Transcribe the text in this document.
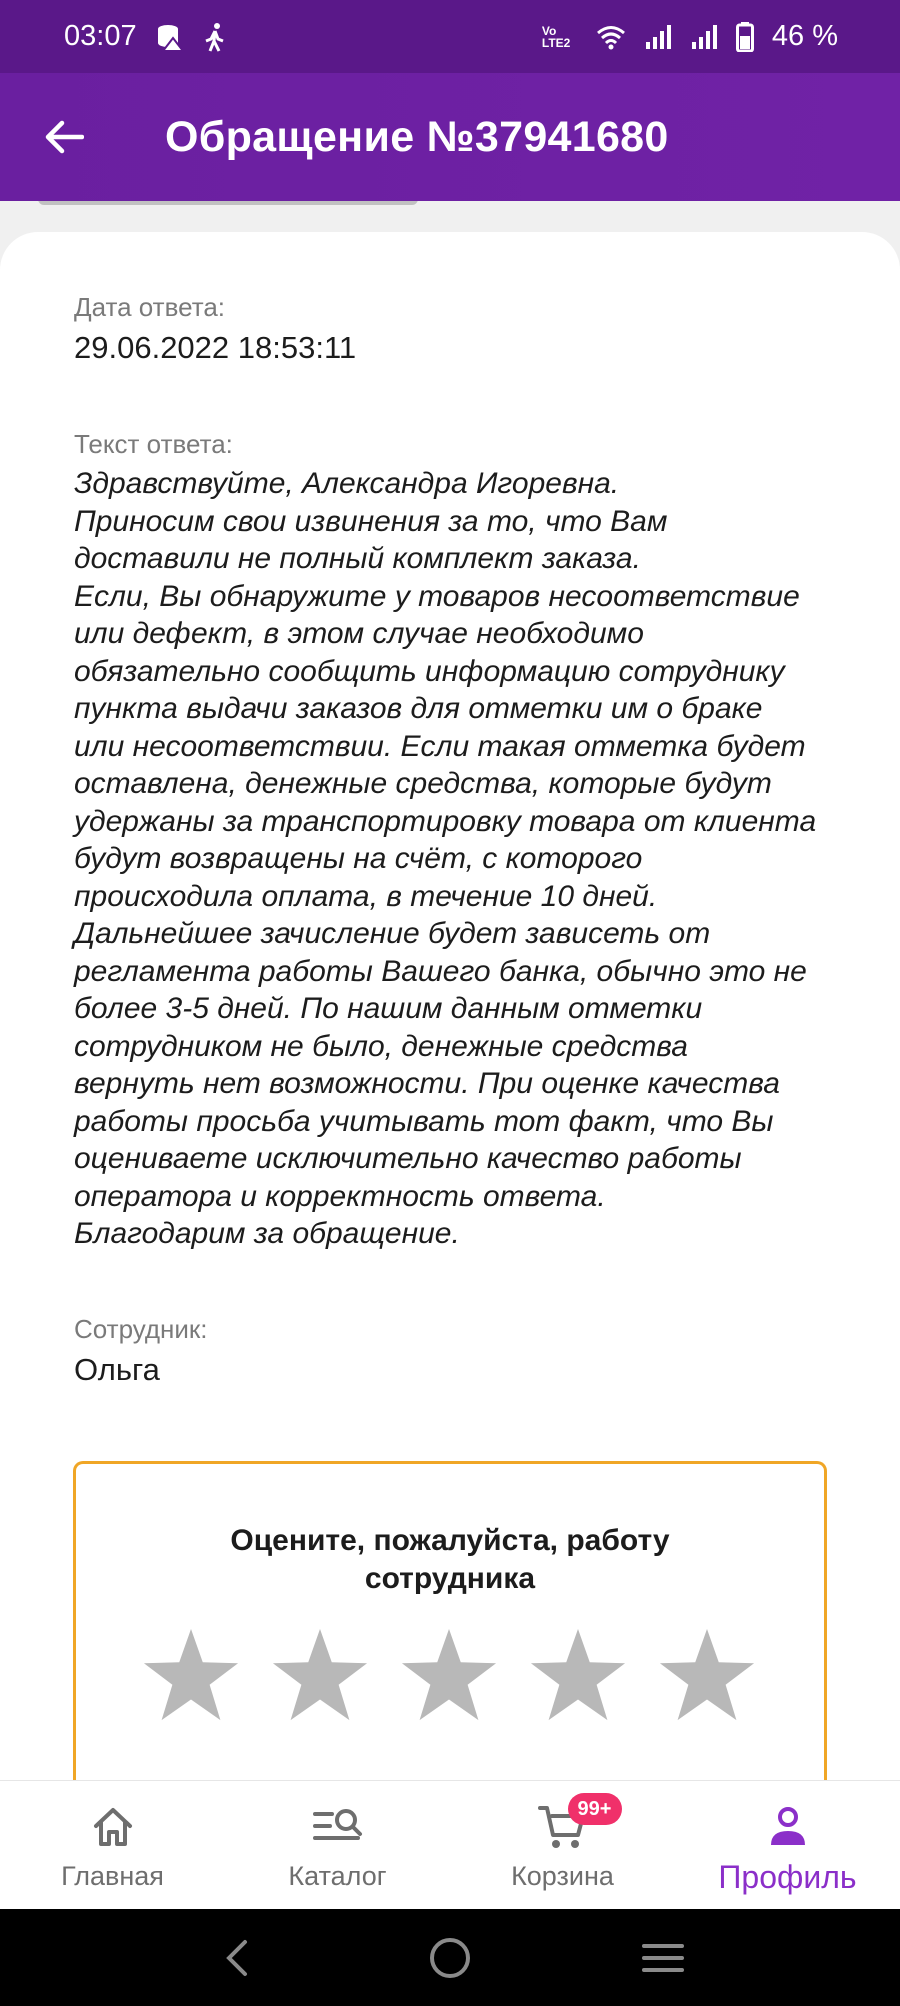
03:07	Vo LTE2	46 %
Обращение №37941680
Дата ответа:
29.06.2022 18:53:11
Текст ответа:
Здравствуйте, Александра Игоревна.
Приносим свои извинения за то, что Вам
доставили не полный комплект заказа.
Если, Вы обнаружите у товаров несоответствие
или дефект, в этом случае необходимо
обязательно сообщить информацию сотруднику
пункта выдачи заказов для отметки им о браке
или несоответствии. Если такая отметка будет
оставлена, денежные средства, которые будут
удержаны за транспортировку товара от клиента
будут возвращены на счёт, с которого
происходила оплата, в течение 10 дней.
Дальнейшее зачисление будет зависеть от
регламента работы Вашего банка, обычно это не
более 3-5 дней. По нашим данным отметки
сотрудником не было, денежные средства
вернуть нет возможности. При оценке качества
работы просьба учитывать тот факт, что Вы
оцениваете исключительно качество работы
оператора и корректность ответа.
Благодарим за обращение.
Сотрудник:
Ольга
Оцените, пожалуйста, работу сотрудника
Главная	Каталог
99+
Корзина	Профиль
